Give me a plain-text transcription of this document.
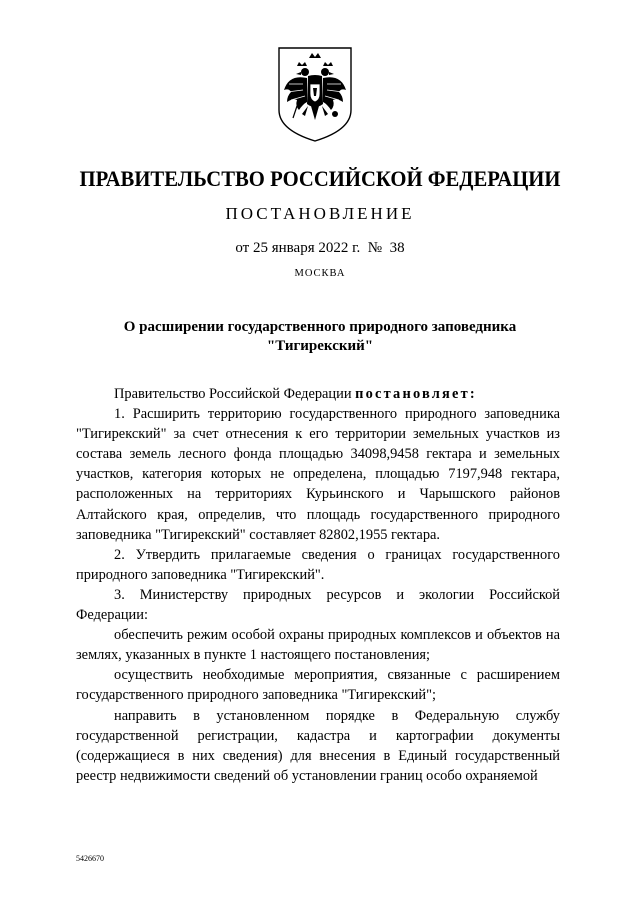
ПРАВИТЕЛЬСТВО РОССИЙСКОЙ ФЕДЕРАЦИИ
ПОСТАНОВЛЕНИЕ
от 25 января 2022 г.  №  38
МОСКВА
О расширении государственного природного заповедника
"Тигирекский"

Правительство Российской Федерации постановляет:

1. Расширить территорию государственного природного заповедника "Тигирекский" за счет отнесения к его территории земельных участков из состава земель лесного фонда площадью 34098,9458 гектара и земельных участков, категория которых не определена, площадью 7197,948 гектара, расположенных на территориях Курьинского и Чарышского районов Алтайского края, определив, что площадь государственного природного заповедника "Тигирекский" составляет 82802,1955 гектара.

2. Утвердить прилагаемые сведения о границах государственного природного заповедника "Тигирекский".

3. Министерству природных ресурсов и экологии Российской Федерации:

обеспечить режим особой охраны природных комплексов и объектов на землях, указанных в пункте 1 настоящего постановления;

осуществить необходимые мероприятия, связанные с расширением государственного природного заповедника "Тигирекский";

направить в установленном порядке в Федеральную службу государственной регистрации, кадастра и картографии документы (содержащиеся в них сведения) для внесения в Единый государственный реестр недвижимости сведений об установлении границ особо охраняемой

5426670
